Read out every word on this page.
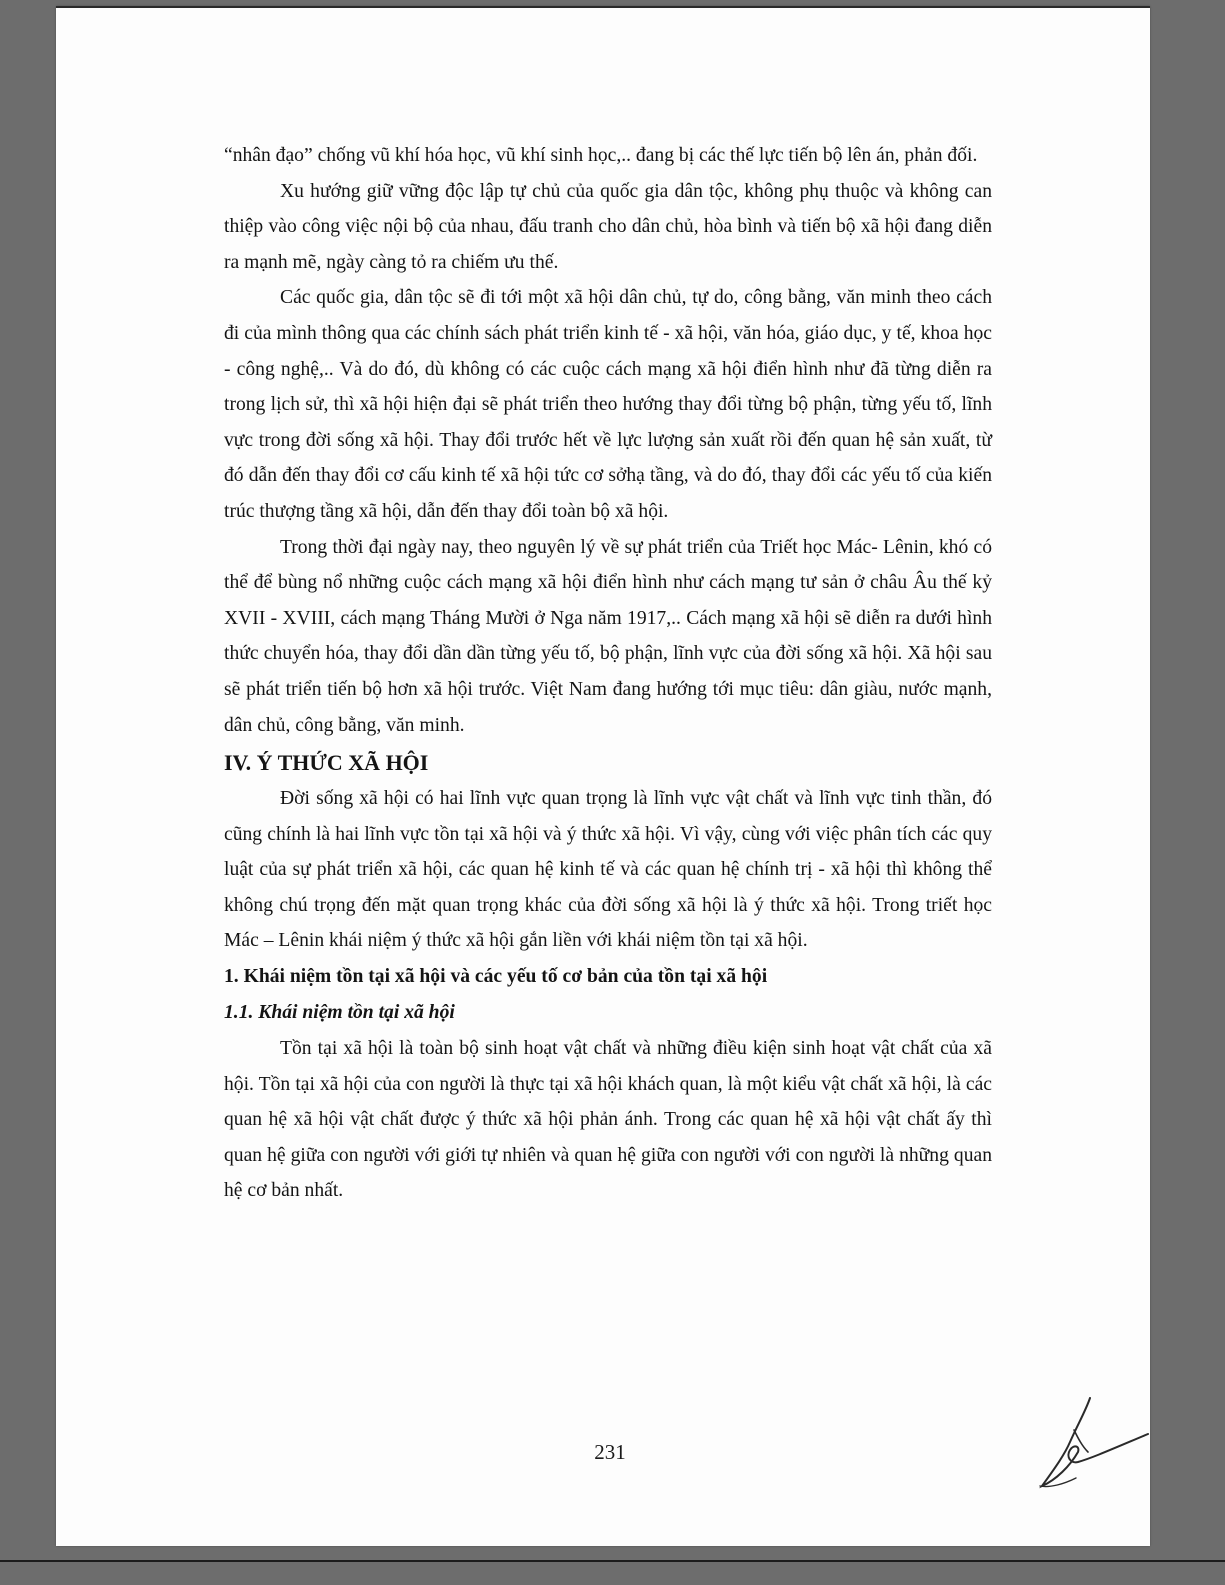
“nhân đạo” chống vũ khí hóa học, vũ khí sinh học,.. đang bị các thế lực tiến bộ lên án, phản đối.

Xu hướng giữ vững độc lập tự chủ của quốc gia dân tộc, không phụ thuộc và không can thiệp vào công việc nội bộ của nhau, đấu tranh cho dân chủ, hòa bình và tiến bộ xã hội đang diễn ra mạnh mẽ, ngày càng tỏ ra chiếm ưu thế.

Các quốc gia, dân tộc sẽ đi tới một xã hội dân chủ, tự do, công bằng, văn minh theo cách đi của mình thông qua các chính sách phát triển kinh tế - xã hội, văn hóa, giáo dục, y tế, khoa học - công nghệ,.. Và do đó, dù không có các cuộc cách mạng xã hội điển hình như đã từng diễn ra trong lịch sử, thì xã hội hiện đại sẽ phát triển theo hướng thay đổi từng bộ phận, từng yếu tố, lĩnh vực trong đời sống xã hội. Thay đổi trước hết về lực lượng sản xuất rồi đến quan hệ sản xuất, từ đó dẫn đến thay đổi cơ cấu kinh tế xã hội tức cơ sởhạ tầng, và do đó, thay đổi các yếu tố của kiến trúc thượng tầng xã hội, dẫn đến thay đổi toàn bộ xã hội.

Trong thời đại ngày nay, theo nguyên lý về sự phát triển của Triết học Mác- Lênin, khó có thể để bùng nổ những cuộc cách mạng xã hội điển hình như cách mạng tư sản ở châu Âu thế kỷ XVII - XVIII, cách mạng Tháng Mười ở Nga năm 1917,.. Cách mạng xã hội sẽ diễn ra dưới hình thức chuyển hóa, thay đổi dần dần từng yếu tố, bộ phận, lĩnh vực của đời sống xã hội. Xã hội sau sẽ phát triển tiến bộ hơn xã hội trước. Việt Nam đang hướng tới mục tiêu: dân giàu, nước mạnh, dân chủ, công bằng, văn minh.

IV. Ý THỨC XÃ HỘI

Đời sống xã hội có hai lĩnh vực quan trọng là lĩnh vực vật chất và lĩnh vực tinh thần, đó cũng chính là hai lĩnh vực tồn tại xã hội và ý thức xã hội. Vì vậy, cùng với việc phân tích các quy luật của sự phát triển xã hội, các quan hệ kinh tế và các quan hệ chính trị - xã hội thì không thể không chú trọng đến mặt quan trọng khác của đời sống xã hội là ý thức xã hội. Trong triết học Mác – Lênin khái niệm ý thức xã hội gắn liền với khái niệm tồn tại xã hội.

1. Khái niệm tồn tại xã hội và các yếu tố cơ bản của tồn tại xã hội
1.1. Khái niệm tồn tại xã hội

Tồn tại xã hội là toàn bộ sinh hoạt vật chất và những điều kiện sinh hoạt vật chất của xã hội. Tồn tại xã hội của con người là thực tại xã hội khách quan, là một kiểu vật chất xã hội, là các quan hệ xã hội vật chất được ý thức xã hội phản ánh. Trong các quan hệ xã hội vật chất ấy thì quan hệ giữa con người với giới tự nhiên và quan hệ giữa con người với con người là những quan hệ cơ bản nhất.

231
